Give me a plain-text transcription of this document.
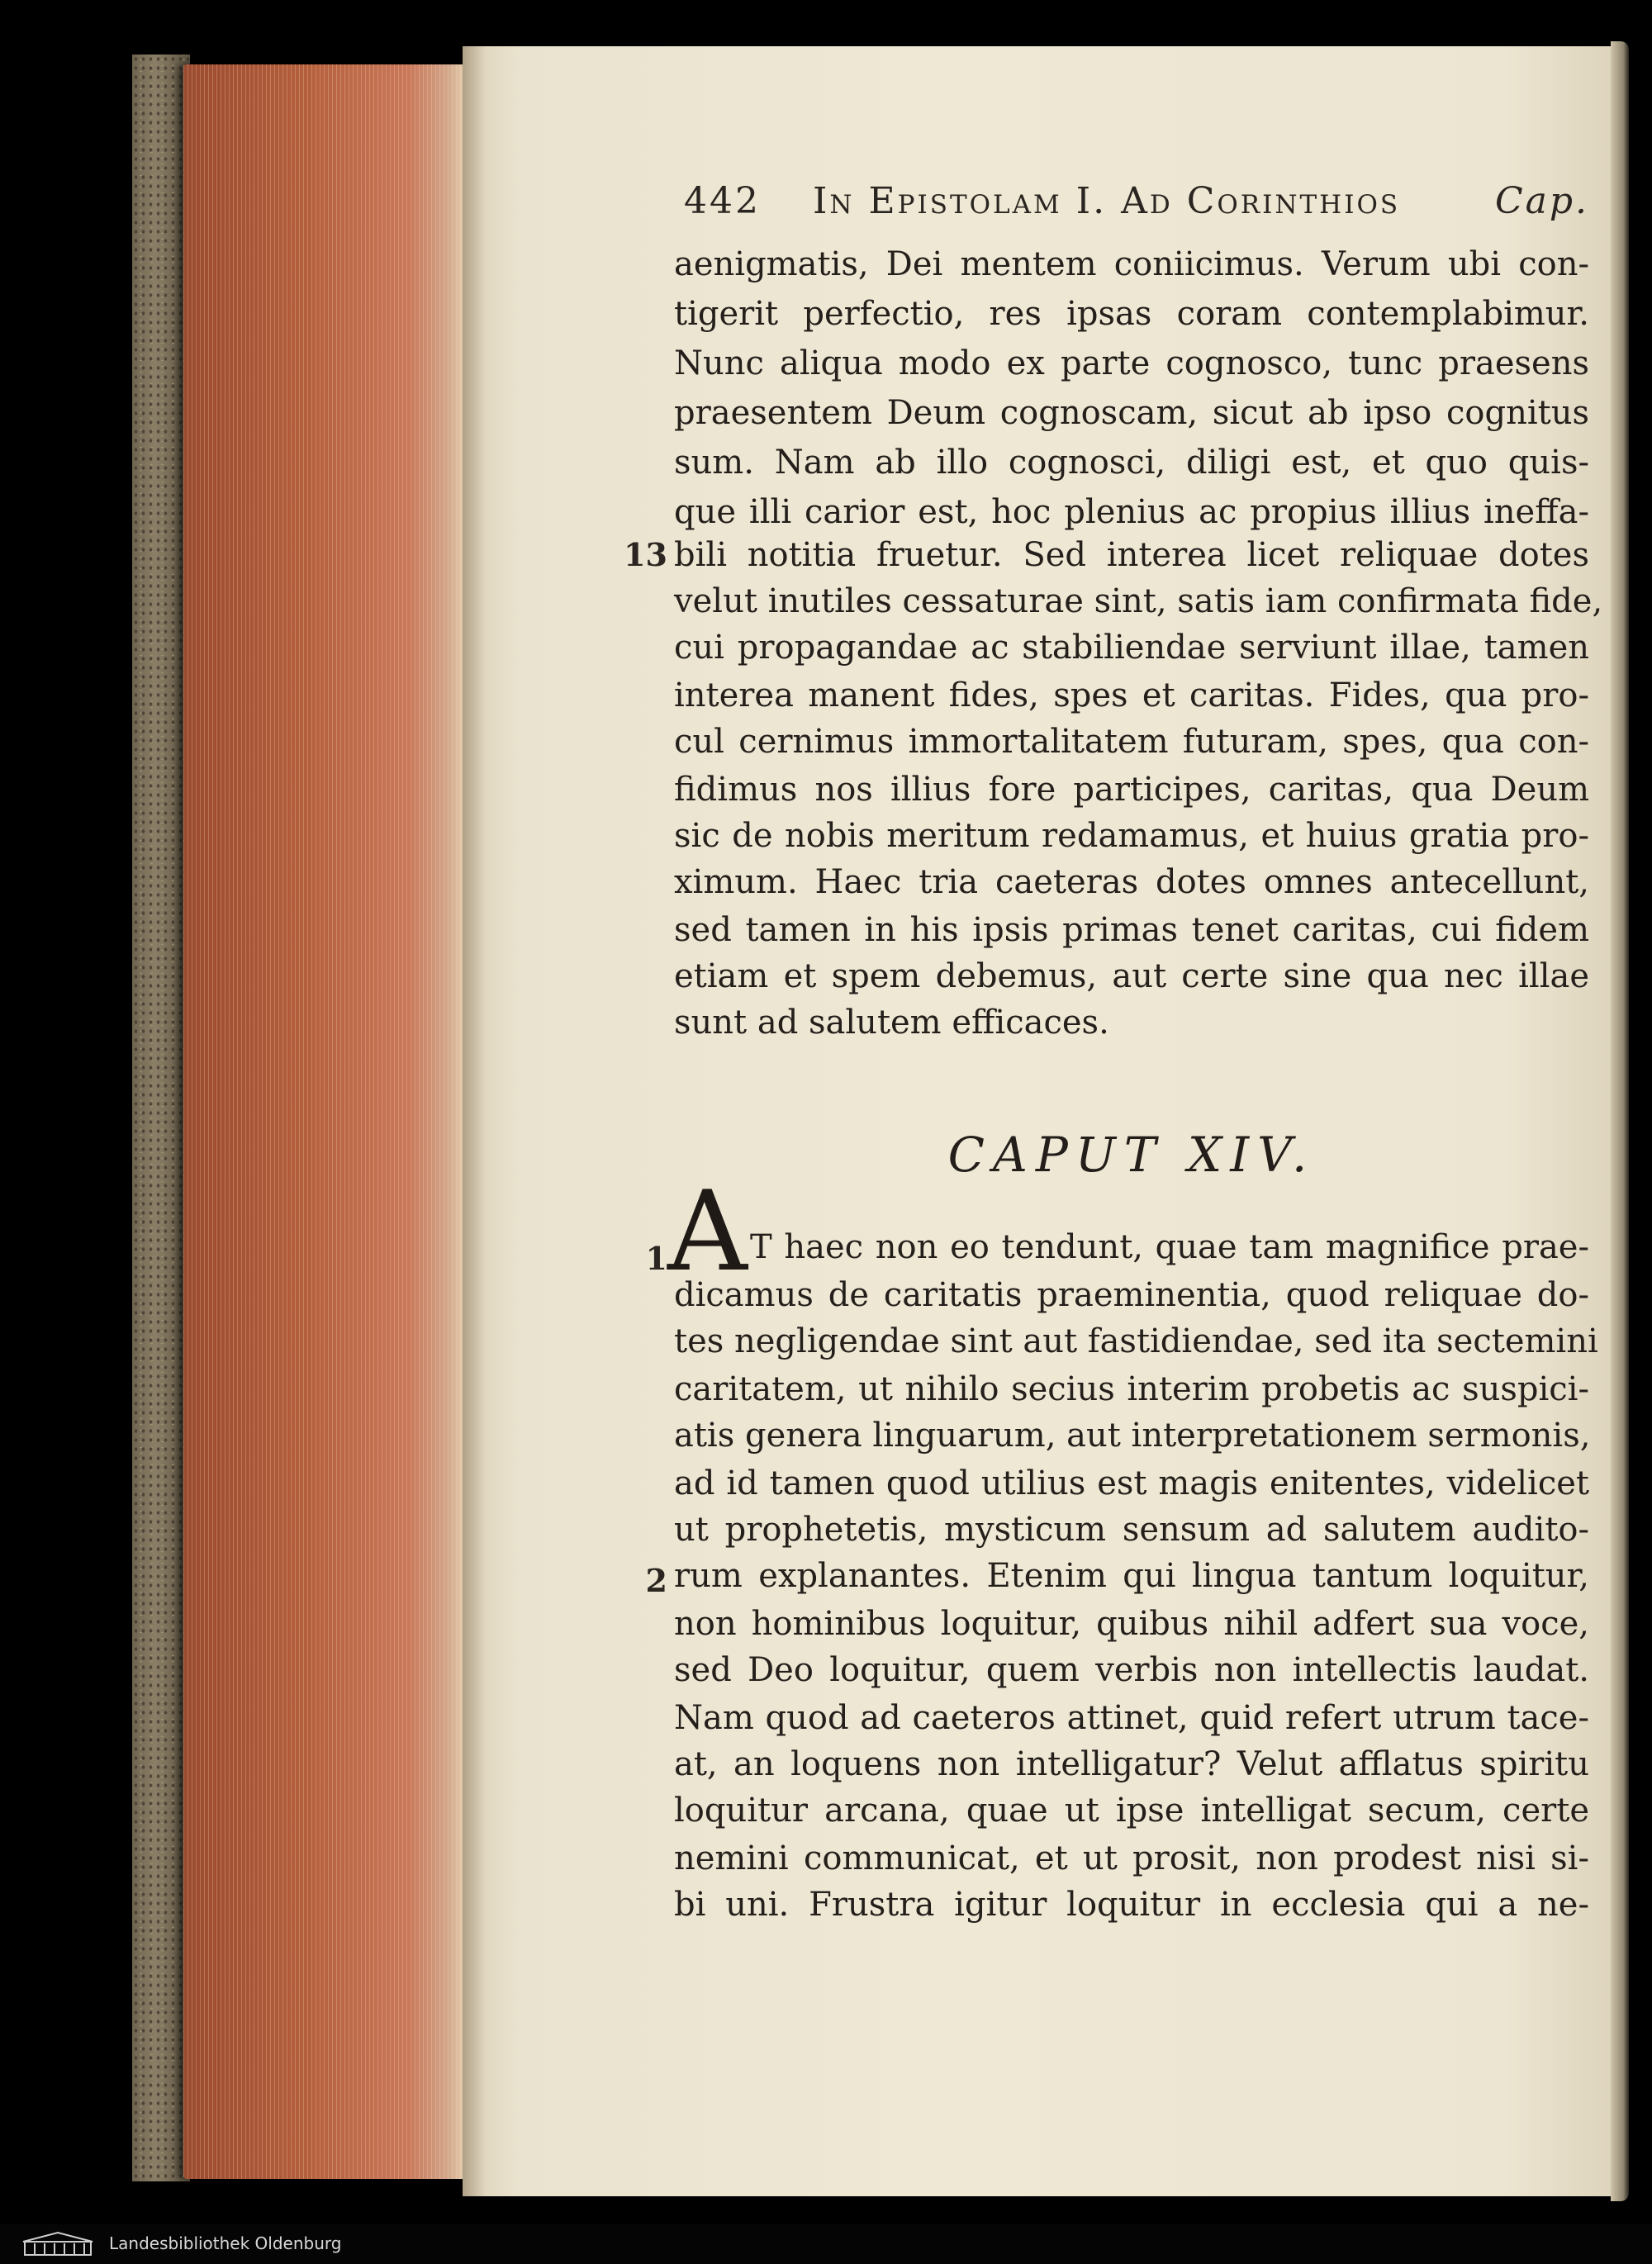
442 In Epistolam I. Ad Corinthios	Cap.
aenigmatis, Dei mentem coniicimus. Verum ubi con-
tigerit perfectio, res ipsas coram contemplabimur.
Nunc aliqua modo ex parte cognosco, tunc praesens
praesentem Deum cognoscam, sicut ab ipso cognitus
sum. Nam ab illo cognosci, diligi est, et quo quis-
que illi carior est, hoc plenius ac propius illius ineffa-
bili notitia fruetur. Sed interea licet reliquae dotes
velut inutiles cessaturae sint, satis iam confirmata fide,
cui propagandae ac stabiliendae serviunt illae, tamen
interea manent fides, spes et caritas. Fides, qua pro-
cul cernimus immortalitatem futuram, spes, qua con-
fidimus nos illius fore participes, caritas, qua Deum
sic de nobis meritum redamamus, et huius gratia pro-
ximum. Haec tria caeteras dotes omnes antecellunt,
sed tamen in his ipsis primas tenet caritas, cui fidem
etiam et spem debemus, aut certe sine qua nec illae
sunt ad salutem efficaces.
13
CAPUT XIV.
A
1
2
T haec non eo tendunt, quae tam magnifice prae-
dicamus de caritatis praeminentia, quod reliquae do-
tes negligendae sint aut fastidiendae, sed ita sectemini
caritatem, ut nihilo secius interim probetis ac suspici-
atis genera linguarum, aut interpretationem sermonis,
ad id tamen quod utilius est magis enitentes, videlicet
ut prophetetis, mysticum sensum ad salutem audito-
rum explanantes. Etenim qui lingua tantum loquitur,
non hominibus loquitur, quibus nihil adfert sua voce,
sed Deo loquitur, quem verbis non intellectis laudat.
Nam quod ad caeteros attinet, quid refert utrum tace-
at, an loquens non intelligatur? Velut afflatus spiritu
loquitur arcana, quae ut ipse intelligat secum, certe
nemini communicat, et ut prosit, non prodest nisi si-
bi uni. Frustra igitur loquitur in ecclesia qui a ne-
Landesbibliothek Oldenburg
